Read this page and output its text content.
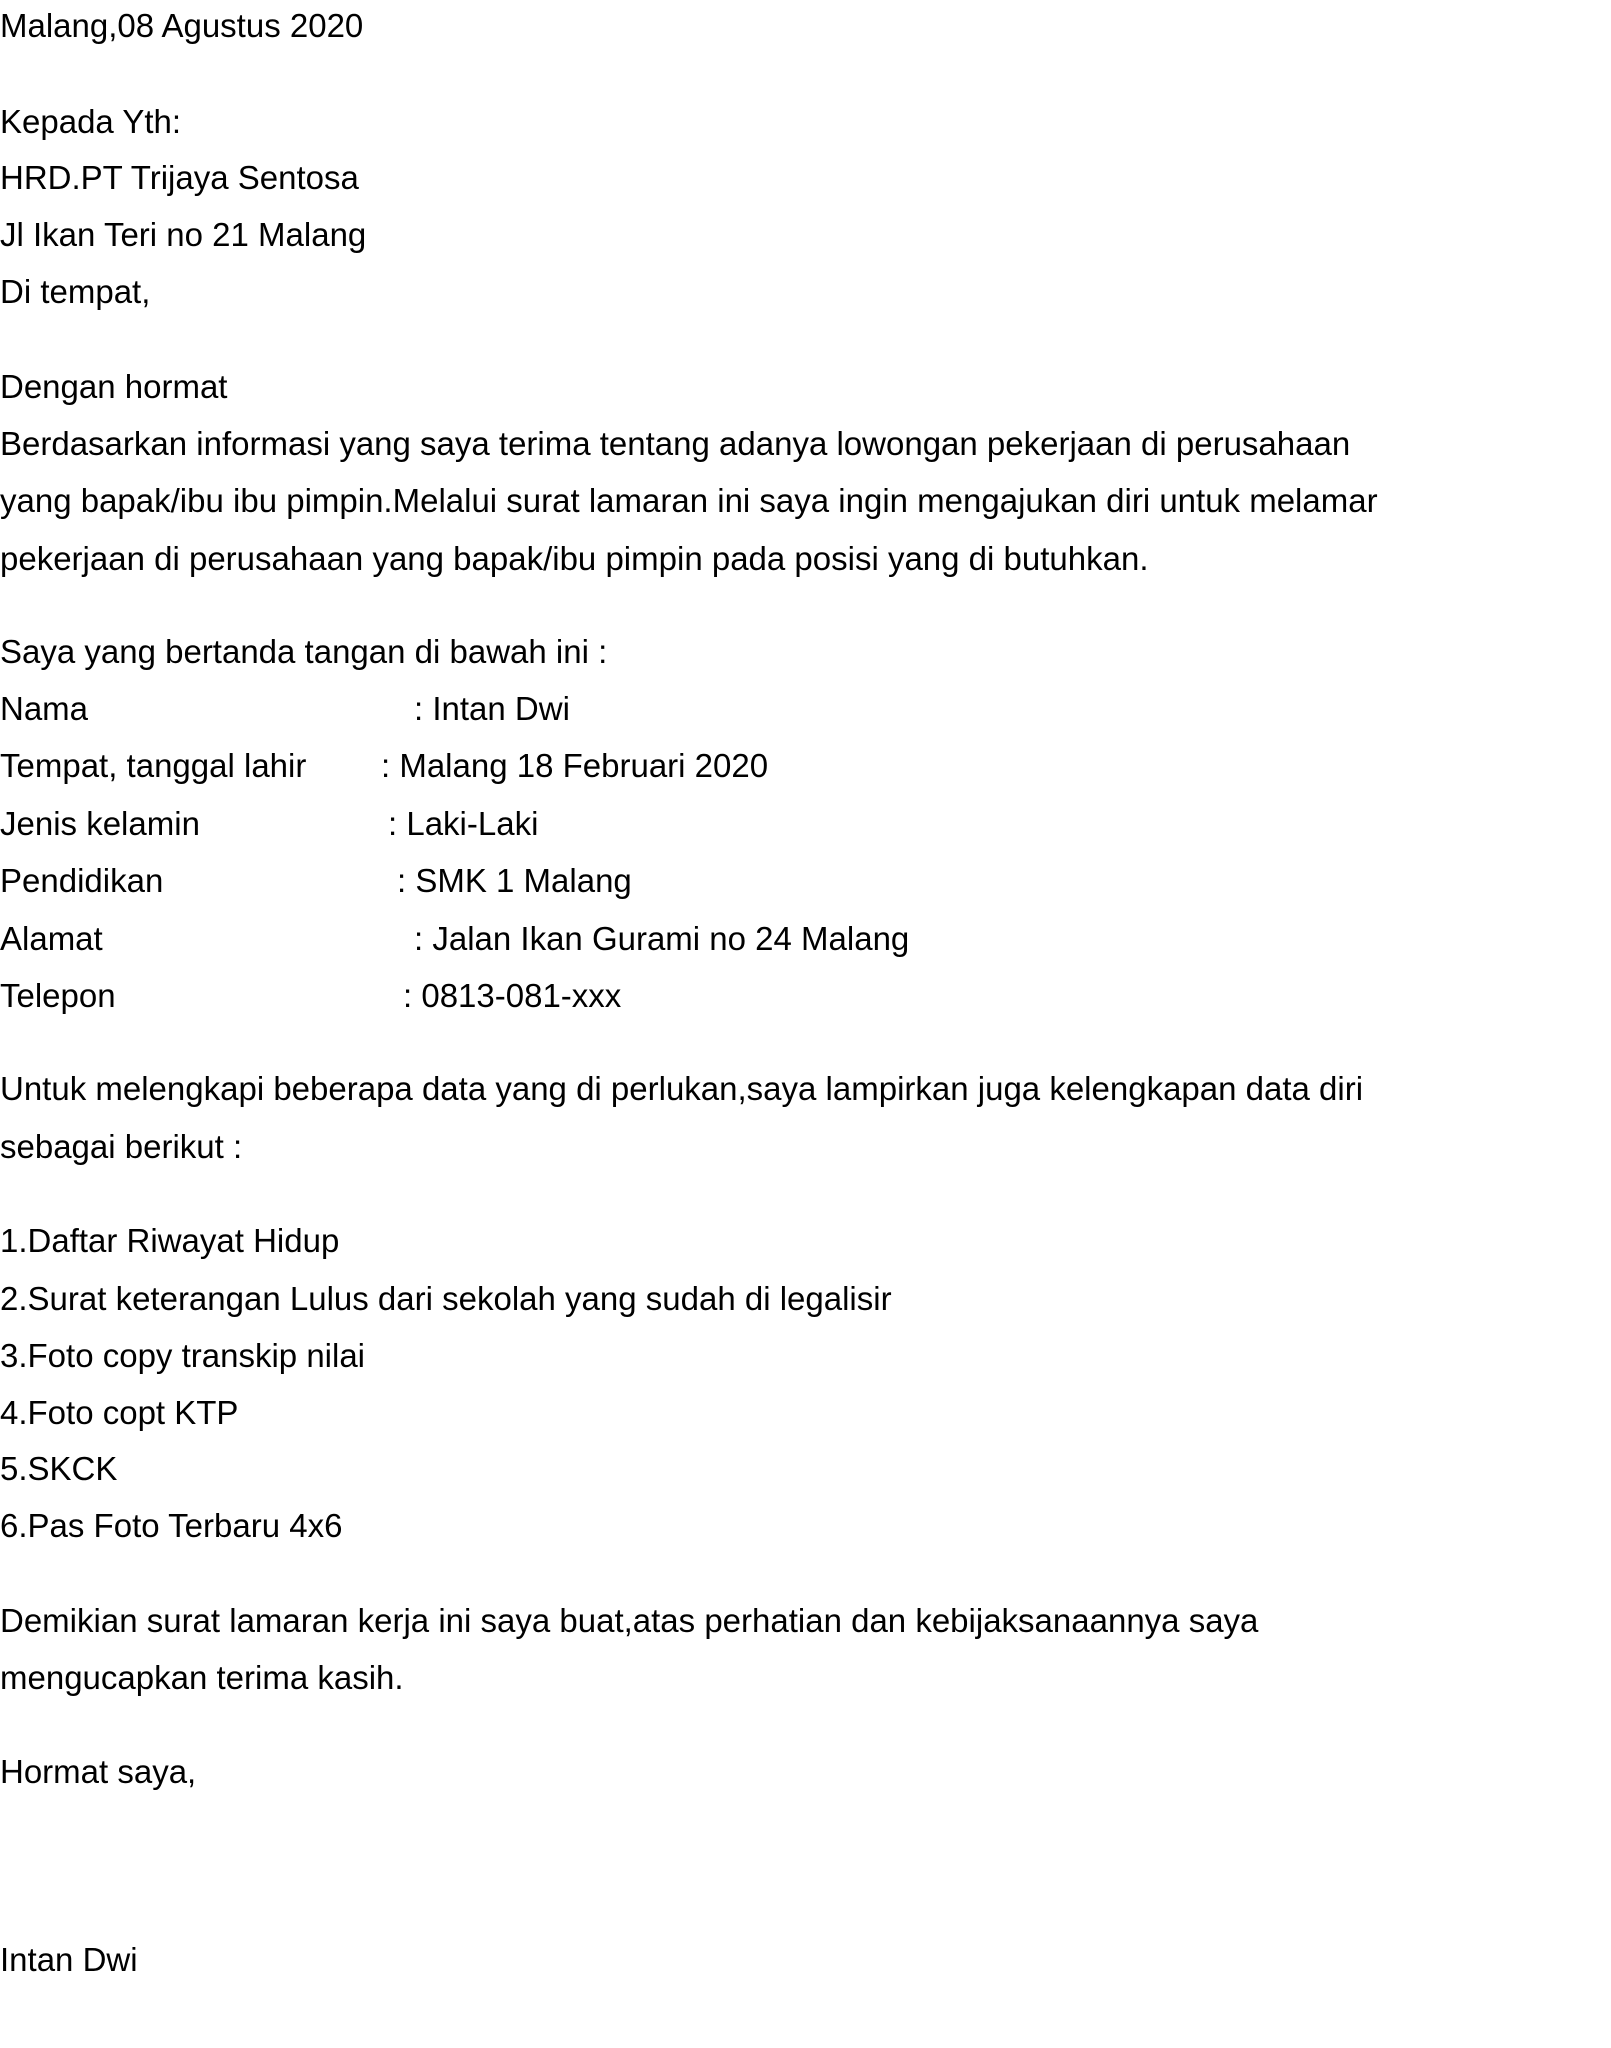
Malang,08 Agustus 2020
Kepada Yth:
HRD.PT Trijaya Sentosa
Jl Ikan Teri no 21 Malang
Di tempat,
Dengan hormat
Berdasarkan informasi yang saya terima tentang adanya lowongan pekerjaan di perusahaan
yang bapak/ibu ibu pimpin.Melalui surat lamaran ini saya ingin mengajukan diri untuk melamar
pekerjaan di perusahaan yang bapak/ibu pimpin pada posisi yang di butuhkan.
Saya yang bertanda tangan di bawah ini :
Nama	: Intan Dwi
Tempat, tanggal lahir : Malang 18 Februari 2020
Jenis kelamin	: Laki-Laki
Pendidikan	: SMK 1 Malang
Alamat	: Jalan Ikan Gurami no 24 Malang
Telepon	: 0813-081-xxx
Untuk melengkapi beberapa data yang di perlukan,saya lampirkan juga kelengkapan data diri
sebagai berikut :
1.Daftar Riwayat Hidup
2.Surat keterangan Lulus dari sekolah yang sudah di legalisir
3.Foto copy transkip nilai
4.Foto copt KTP
5.SKCK
6.Pas Foto Terbaru 4x6
Demikian surat lamaran kerja ini saya buat,atas perhatian dan kebijaksanaannya saya
mengucapkan terima kasih.
Hormat saya,
Intan Dwi
